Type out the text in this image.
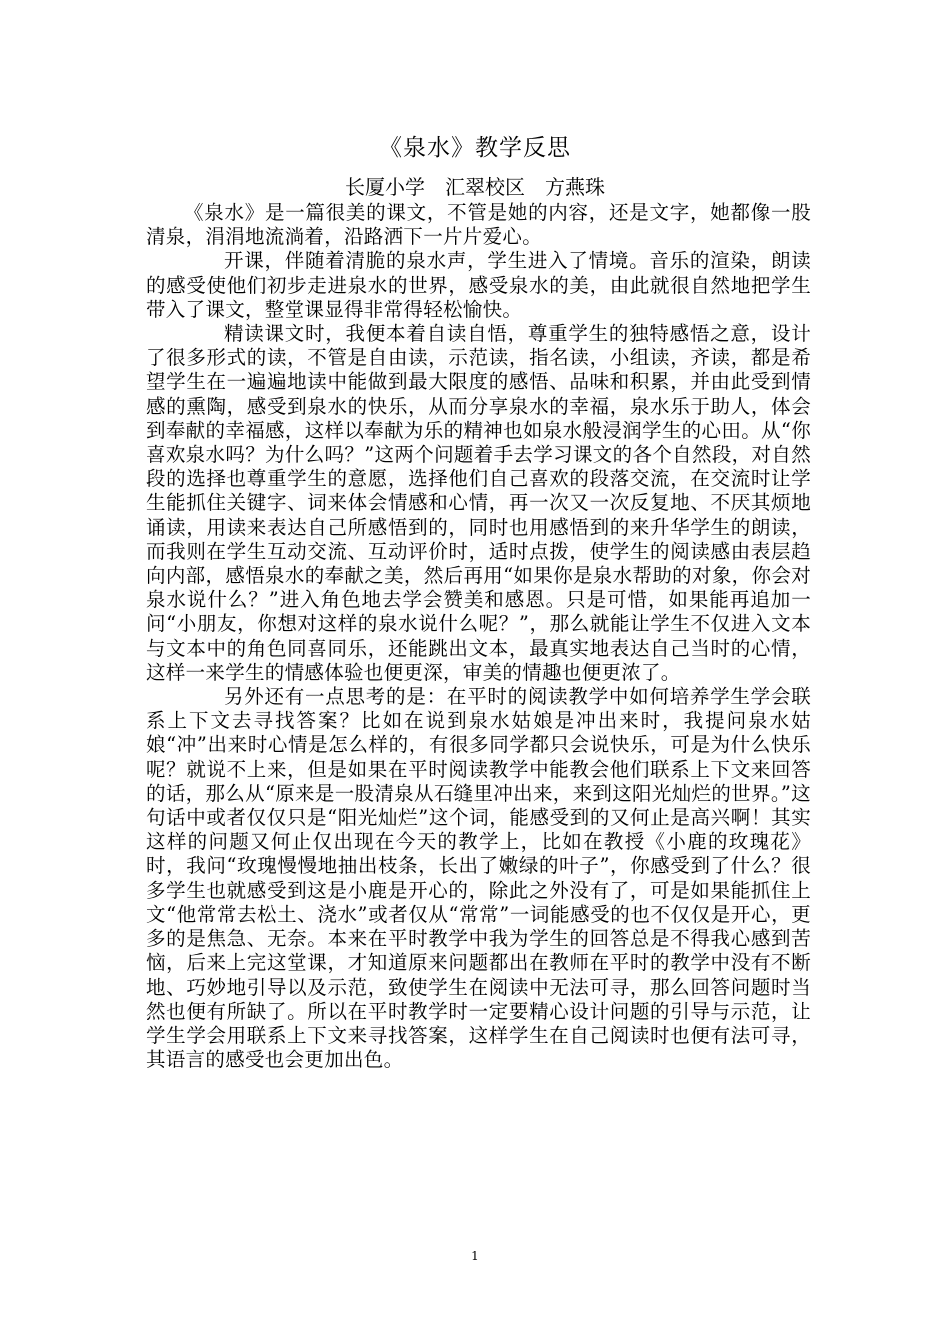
《泉水》教学反思
长厦小学　汇翠校区　方燕珠

《泉水》是一篇很美的课文，不管是她的内容，还是文字，她都像一股清泉，涓涓地流淌着，沿路洒下一片片爱心。

开课，伴随着清脆的泉水声，学生进入了情境。音乐的渲染，朗读的感受使他们初步走进泉水的世界，感受泉水的美，由此就很自然地把学生带入了课文，整堂课显得非常得轻松愉快。

精读课文时，我便本着自读自悟，尊重学生的独特感悟之意，设计了很多形式的读，不管是自由读，示范读，指名读，小组读，齐读，都是希望学生在一遍遍地读中能做到最大限度的感悟、品味和积累，并由此受到情感的熏陶，感受到泉水的快乐，从而分享泉水的幸福，泉水乐于助人，体会到奉献的幸福感，这样以奉献为乐的精神也如泉水般浸润学生的心田。从“你喜欢泉水吗？为什么吗？”这两个问题着手去学习课文的各个自然段，对自然段的选择也尊重学生的意愿，选择他们自己喜欢的段落交流，在交流时让学生能抓住关键字、词来体会情感和心情，再一次又一次反复地、不厌其烦地诵读，用读来表达自己所感悟到的，同时也用感悟到的来升华学生的朗读，而我则在学生互动交流、互动评价时，适时点拨，使学生的阅读感由表层趋向内部，感悟泉水的奉献之美，然后再用“如果你是泉水帮助的对象，你会对泉水说什么？”进入角色地去学会赞美和感恩。只是可惜，如果能再追加一问“小朋友，你想对这样的泉水说什么呢？”，那么就能让学生不仅进入文本与文本中的角色同喜同乐，还能跳出文本，最真实地表达自己当时的心情，这样一来学生的情感体验也便更深，审美的情趣也便更浓了。

另外还有一点思考的是：在平时的阅读教学中如何培养学生学会联系上下文去寻找答案？比如在说到泉水姑娘是冲出来时，我提问泉水姑娘“冲”出来时心情是怎么样的，有很多同学都只会说快乐，可是为什么快乐呢？就说不上来，但是如果在平时阅读教学中能教会他们联系上下文来回答的话，那么从“原来是一股清泉从石缝里冲出来，来到这阳光灿烂的世界。”这句话中或者仅仅只是“阳光灿烂”这个词，能感受到的又何止是高兴啊！其实这样的问题又何止仅出现在今天的教学上，比如在教授《小鹿的玫瑰花》时，我问“玫瑰慢慢地抽出枝条，长出了嫩绿的叶子”，你感受到了什么？很多学生也就感受到这是小鹿是开心的，除此之外没有了，可是如果能抓住上文“他常常去松土、浇水”或者仅从“常常”一词能感受的也不仅仅是开心，更多的是焦急、无奈。本来在平时教学中我为学生的回答总是不得我心感到苦恼，后来上完这堂课，才知道原来问题都出在教师在平时的教学中没有不断地、巧妙地引导以及示范，致使学生在阅读中无法可寻，那么回答问题时当然也便有所缺了。所以在平时教学时一定要精心设计问题的引导与示范，让学生学会用联系上下文来寻找答案，这样学生在自己阅读时也便有法可寻，其语言的感受也会更加出色。

1
